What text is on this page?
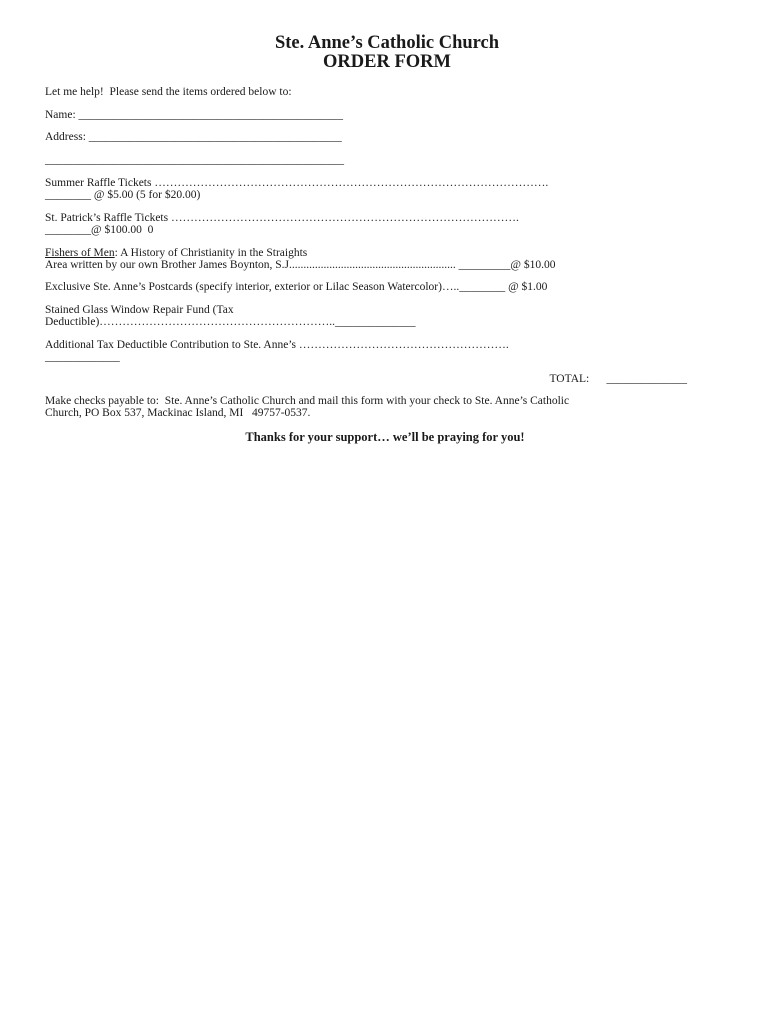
Ste. Anne’s Catholic Church
ORDER FORM
Let me help!  Please send the items ordered below to:
Name: ______________________________________________
Address: ____________________________________________
____________________________________________________
Summer Raffle Tickets ………………………………………………………………………………………….
________ @ $5.00 (5 for $20.00)
St. Patrick’s Raffle Tickets ……………………………………………………………………………….
________@ $100.00  0
Fishers of Men: A History of Christianity in the Straights
Area written by our own Brother James Boynton, S.J.......................................................... _________@ $10.00
Exclusive Ste. Anne’s Postcards (specify interior, exterior or Lilac Season Watercolor)…..________ @ $1.00
Stained Glass Window Repair Fund (Tax
Deductible)……………………………………………………..______________
Additional Tax Deductible Contribution to Ste. Anne’s ……………………………………………….
_____________
TOTAL: ______________
Make checks payable to:  Ste. Anne’s Catholic Church and mail this form with your check to Ste. Anne’s Catholic
Church, PO Box 537, Mackinac Island, MI   49757-0537.
Thanks for your support… we’ll be praying for you!
